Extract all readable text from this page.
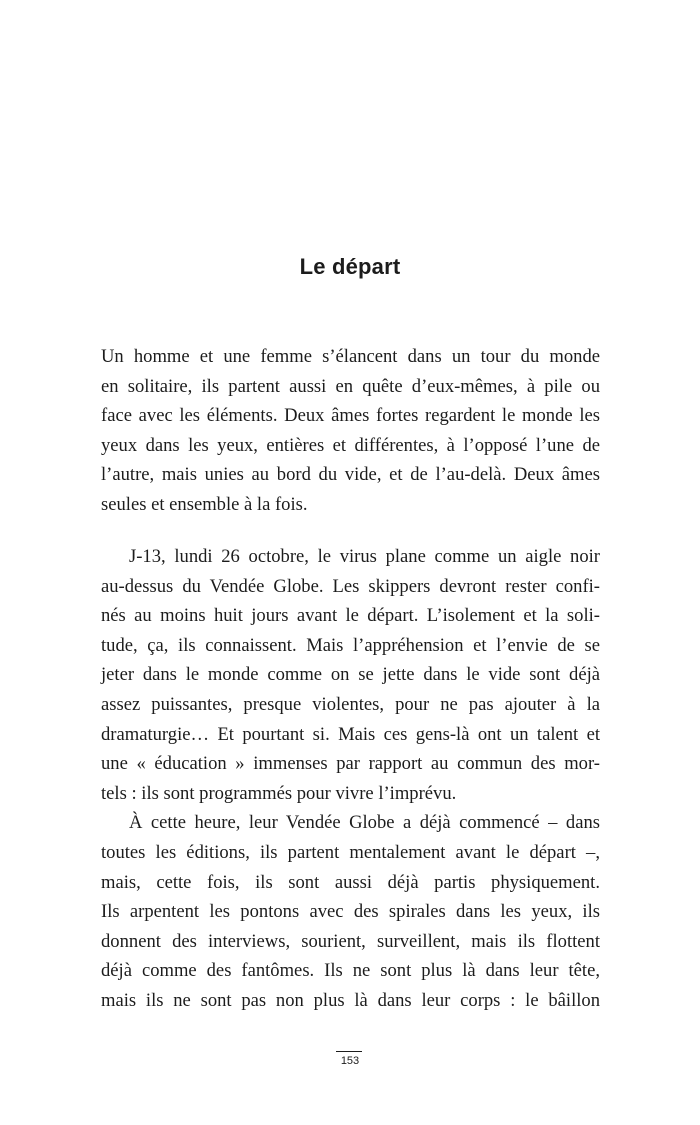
Le départ
Un homme et une femme s’élancent dans un tour du monde
en solitaire, ils partent aussi en quête d’eux-mêmes, à pile ou
face avec les éléments. Deux âmes fortes regardent le monde les
yeux dans les yeux, entières et différentes, à l’opposé l’une de
l’autre, mais unies au bord du vide, et de l’au-delà. Deux âmes
seules et ensemble à la fois.
J-13, lundi 26 octobre, le virus plane comme un aigle noir
au-dessus du Vendée Globe. Les skippers devront rester confi-
nés au moins huit jours avant le départ. L’isolement et la soli-
tude, ça, ils connaissent. Mais l’appréhension et l’envie de se
jeter dans le monde comme on se jette dans le vide sont déjà
assez puissantes, presque violentes, pour ne pas ajouter à la
dramaturgie… Et pourtant si. Mais ces gens-là ont un talent et
une « éducation » immenses par rapport au commun des mor-
tels : ils sont programmés pour vivre l’imprévu.
À cette heure, leur Vendée Globe a déjà commencé – dans
toutes les éditions, ils partent mentalement avant le départ –,
mais, cette fois, ils sont aussi déjà partis physiquement.
Ils arpentent les pontons avec des spirales dans les yeux, ils
donnent des interviews, sourient, surveillent, mais ils flottent
déjà comme des fantômes. Ils ne sont plus là dans leur tête,
mais ils ne sont pas non plus là dans leur corps : le bâillon
153
